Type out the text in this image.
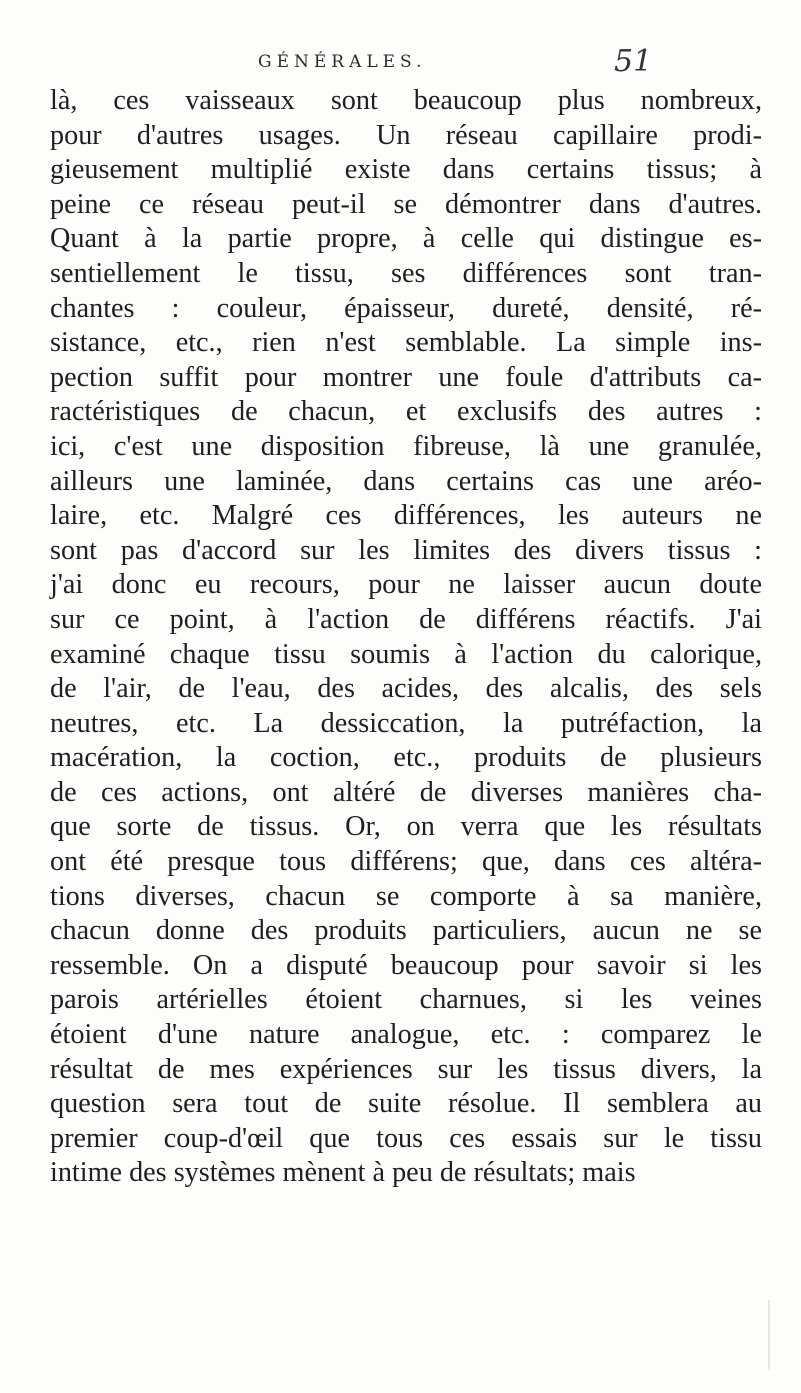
GÉNÉRALES.	51
là, ces vaisseaux sont beaucoup plus nombreux,
pour d'autres usages. Un réseau capillaire prodi-
gieusement multiplié existe dans certains tissus; à
peine ce réseau peut-il se démontrer dans d'autres.
Quant à la partie propre, à celle qui distingue es-
sentiellement le tissu, ses différences sont tran-
chantes : couleur, épaisseur, dureté, densité, ré-
sistance, etc., rien n'est semblable. La simple ins-
pection suffit pour montrer une foule d'attributs ca-
ractéristiques de chacun, et exclusifs des autres :
ici, c'est une disposition fibreuse, là une granulée,
ailleurs une laminée, dans certains cas une aréo-
laire, etc. Malgré ces différences, les auteurs ne
sont pas d'accord sur les limites des divers tissus :
j'ai donc eu recours, pour ne laisser aucun doute
sur ce point, à l'action de différens réactifs. J'ai
examiné chaque tissu soumis à l'action du calorique,
de l'air, de l'eau, des acides, des alcalis, des sels
neutres, etc. La dessiccation, la putréfaction, la
macération, la coction, etc., produits de plusieurs
de ces actions, ont altéré de diverses manières cha-
que sorte de tissus. Or, on verra que les résultats
ont été presque tous différens; que, dans ces altéra-
tions diverses, chacun se comporte à sa manière,
chacun donne des produits particuliers, aucun ne se
ressemble. On a disputé beaucoup pour savoir si les
parois artérielles étoient charnues, si les veines
étoient d'une nature analogue, etc. : comparez le
résultat de mes expériences sur les tissus divers, la
question sera tout de suite résolue. Il semblera au
premier coup-d'œil que tous ces essais sur le tissu
intime des systèmes mènent à peu de résultats; mais
